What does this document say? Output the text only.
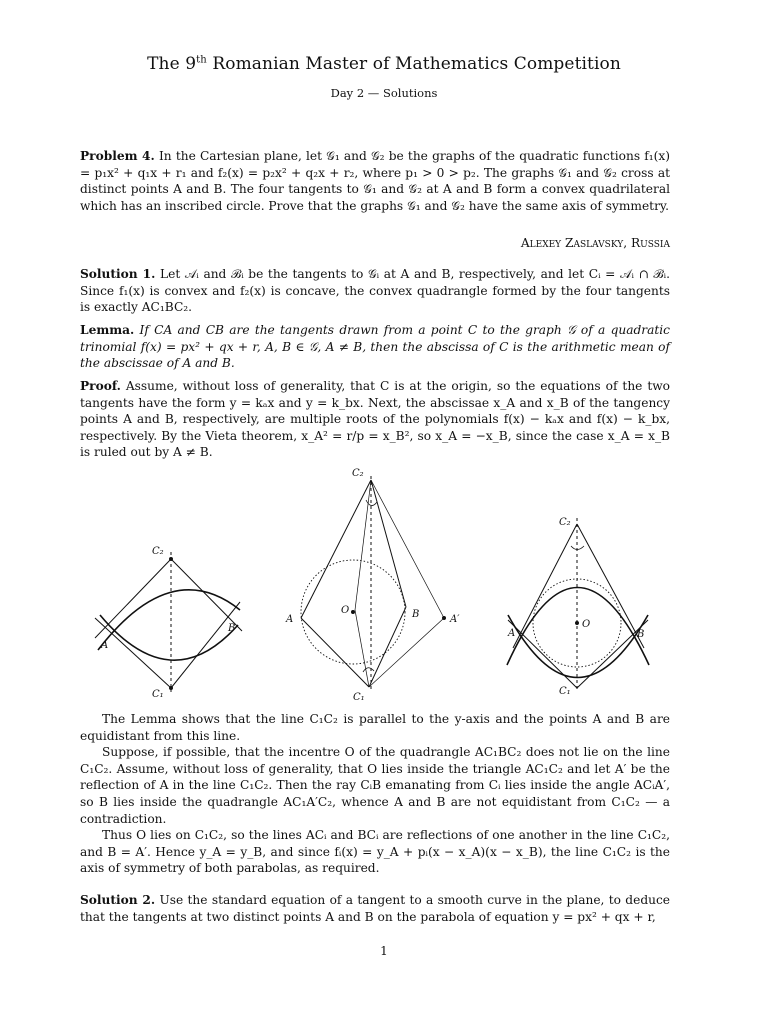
The 9th Romanian Master of Mathematics Competition
Day 2 — Solutions

Problem 4. In the Cartesian plane, let 𝒢₁ and 𝒢₂ be the graphs of the quadratic functions f₁(x) = p₁x² + q₁x + r₁ and f₂(x) = p₂x² + q₂x + r₂, where p₁ > 0 > p₂. The graphs 𝒢₁ and 𝒢₂ cross at distinct points A and B. The four tangents to 𝒢₁ and 𝒢₂ at A and B form a convex quadrilateral which has an inscribed circle. Prove that the graphs 𝒢₁ and 𝒢₂ have the same axis of symmetry.

Alexey Zaslavsky, Russia

Solution 1. Let 𝒜ᵢ and ℬᵢ be the tangents to 𝒢ᵢ at A and B, respectively, and let Cᵢ = 𝒜ᵢ ∩ ℬᵢ. Since f₁(x) is convex and f₂(x) is concave, the convex quadrangle formed by the four tangents is exactly AC₁BC₂.

Lemma. If CA and CB are the tangents drawn from a point C to the graph 𝒢 of a quadratic trinomial f(x) = px² + qx + r, A, B ∈ 𝒢, A ≠ B, then the abscissa of C is the arithmetic mean of the abscissae of A and B.

Proof. Assume, without loss of generality, that C is at the origin, so the equations of the two tangents have the form y = kₐx and y = k_bx. Next, the abscissae x_A and x_B of the tangency points A and B, respectively, are multiple roots of the polynomials f(x) − kₐx and f(x) − k_bx, respectively. By the Vieta theorem, x_A² = r/p = x_B², so x_A = −x_B, since the case x_A = x_B is ruled out by A ≠ B.

C₂
C₁
A
B
C₂
C₁
A	B
O
A′
C₂
C₁
A	B
O

The Lemma shows that the line C₁C₂ is parallel to the y-axis and the points A and B are equidistant from this line.

Suppose, if possible, that the incentre O of the quadrangle AC₁BC₂ does not lie on the line C₁C₂. Assume, without loss of generality, that O lies inside the triangle AC₁C₂ and let A′ be the reflection of A in the line C₁C₂. Then the ray CᵢB emanating from Cᵢ lies inside the angle ACᵢA′, so B lies inside the quadrangle AC₁A′C₂, whence A and B are not equidistant from C₁C₂ — a contradiction.

Thus O lies on C₁C₂, so the lines ACᵢ and BCᵢ are reflections of one another in the line C₁C₂, and B = A′. Hence y_A = y_B, and since fᵢ(x) = y_A + pᵢ(x − x_A)(x − x_B), the line C₁C₂ is the axis of symmetry of both parabolas, as required.

Solution 2. Use the standard equation of a tangent to a smooth curve in the plane, to deduce that the tangents at two distinct points A and B on the parabola of equation y = px² + qx + r,

1
